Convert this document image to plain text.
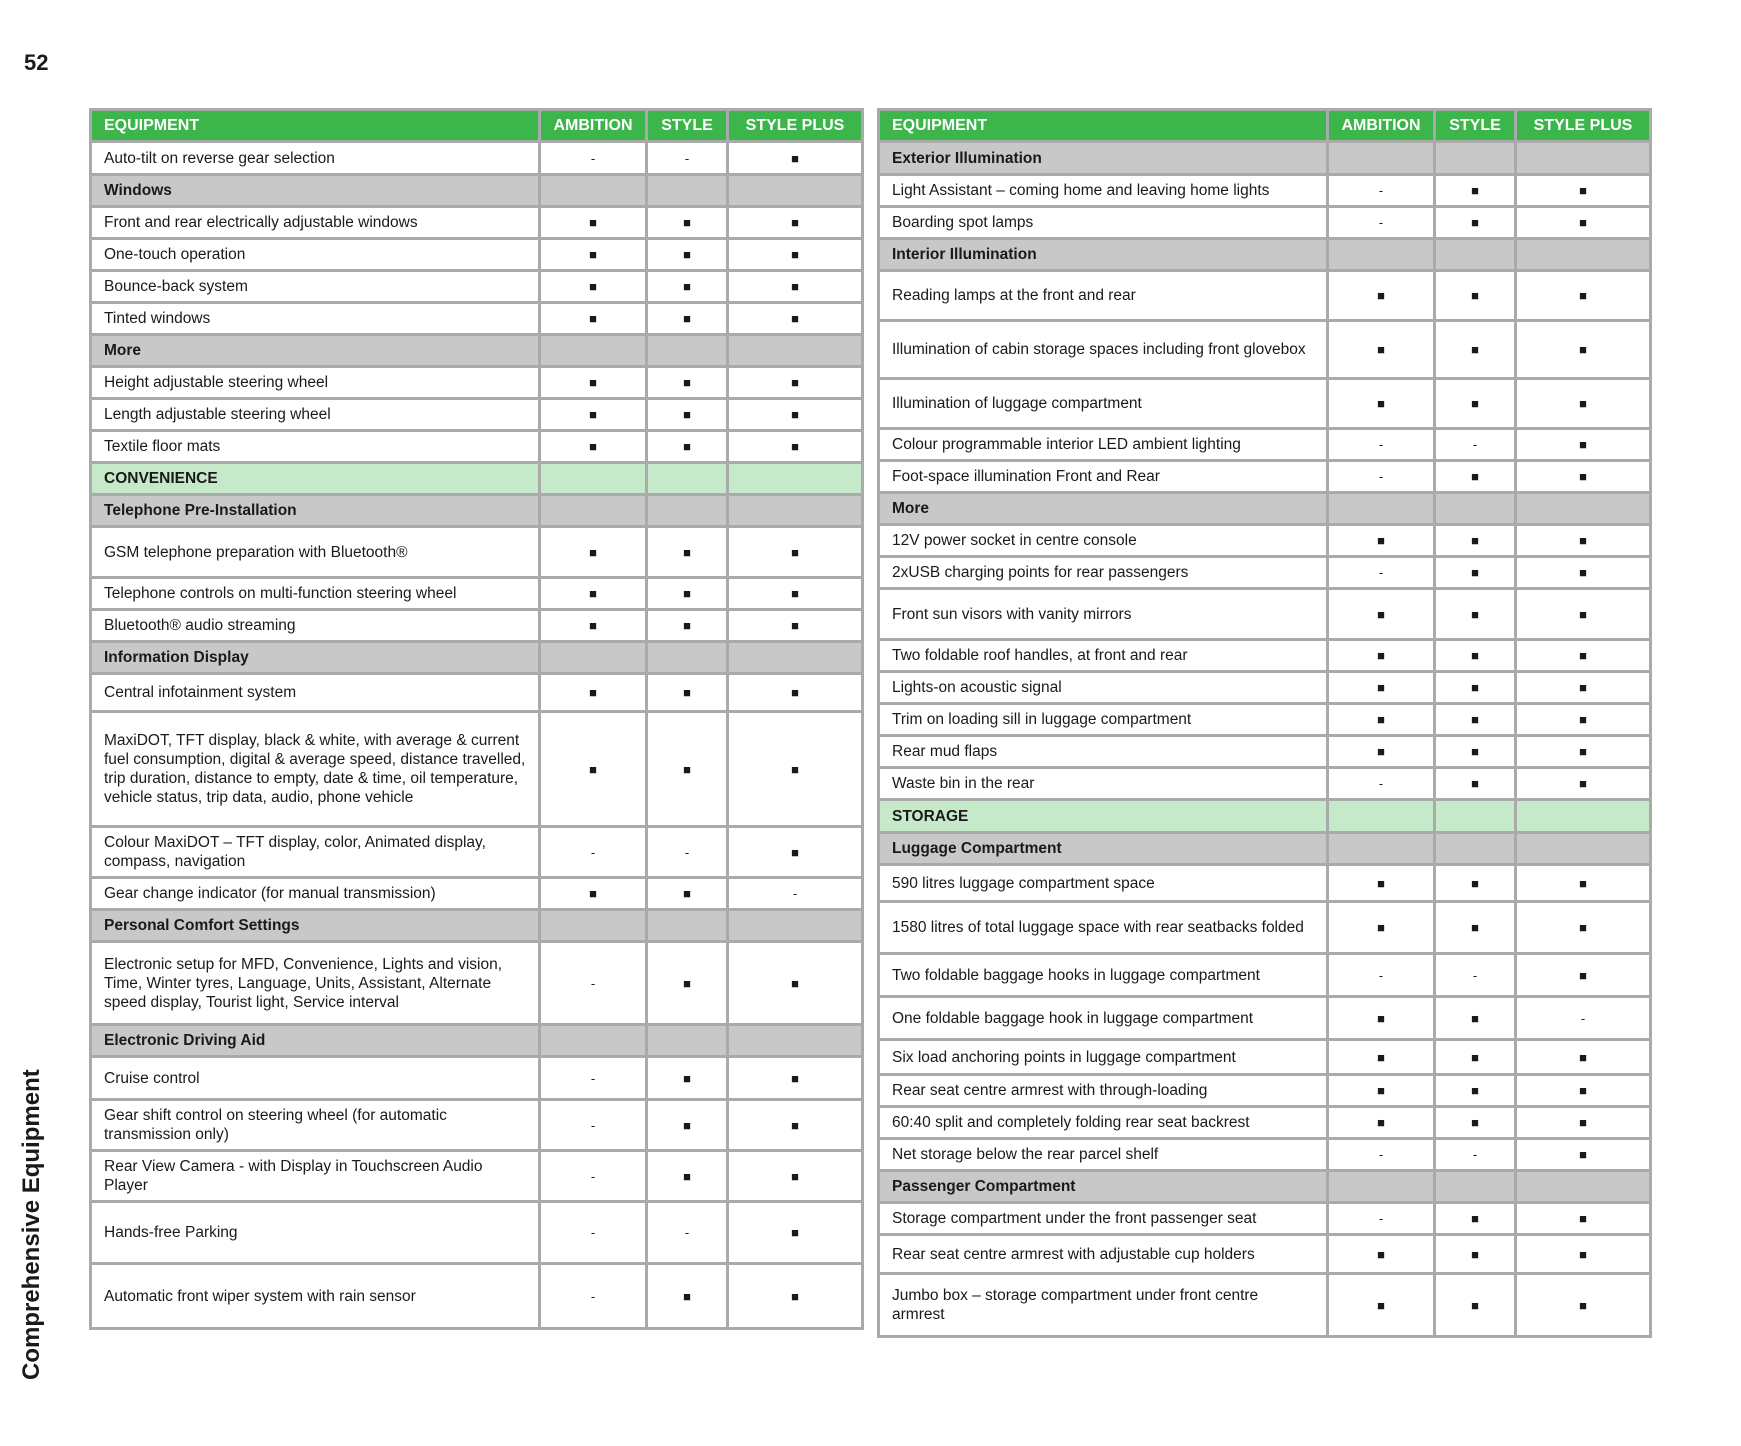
52
Comprehensive Equipment
EQUIPMENT	AMBITION	STYLE	STYLE PLUS
Auto-tilt on reverse gear selection	-	-	■
Windows			
Front and rear electrically adjustable windows	■	■	■
One-touch operation	■	■	■
Bounce-back system	■	■	■
Tinted windows	■	■	■
More			
Height adjustable steering wheel	■	■	■
Length adjustable steering wheel	■	■	■
Textile floor mats	■	■	■
CONVENIENCE			
Telephone Pre-Installation			
GSM telephone preparation with Bluetooth®	■	■	■
Telephone controls on multi-function steering wheel	■	■	■
Bluetooth® audio streaming	■	■	■
Information Display			
Central infotainment system	■	■	■
MaxiDOT, TFT display, black & white, with average & current fuel consumption, digital & average speed, distance travelled, trip duration, distance to empty, date & time, oil temperature, vehicle status, trip data, audio, phone vehicle	■	■	■
Colour MaxiDOT – TFT display, color, Animated display, compass, navigation	-	-	■
Gear change indicator (for manual transmission)	■	■	-
Personal Comfort Settings			
Electronic setup for MFD, Convenience, Lights and vision, Time, Winter tyres, Language, Units, Assistant, Alternate speed display, Tourist light, Service interval	-	■	■
Electronic Driving Aid			
Cruise control	-	■	■
Gear shift control on steering wheel (for automatic transmission only)	-	■	■
Rear View Camera - with Display in Touchscreen Audio Player	-	■	■
Hands-free Parking	-	-	■
Automatic front wiper system with rain sensor	-	■	■
EQUIPMENT	AMBITION	STYLE	STYLE PLUS
Exterior Illumination			
Light Assistant – coming home and leaving home lights	-	■	■
Boarding spot lamps	-	■	■
Interior Illumination			
Reading lamps at the front and rear	■	■	■
Illumination of cabin storage spaces including front glovebox	■	■	■
Illumination of luggage compartment	■	■	■
Colour programmable interior LED ambient lighting	-	-	■
Foot-space illumination Front and Rear	-	■	■
More			
12V power socket in centre console	■	■	■
2xUSB charging points for rear passengers	-	■	■
Front sun visors with vanity mirrors	■	■	■
Two foldable roof handles, at front and rear	■	■	■
Lights-on acoustic signal	■	■	■
Trim on loading sill in luggage compartment	■	■	■
Rear mud flaps	■	■	■
Waste bin in the rear	-	■	■
STORAGE			
Luggage Compartment			
590 litres luggage compartment space	■	■	■
1580 litres of total luggage space with rear seatbacks folded	■	■	■
Two foldable baggage hooks in luggage compartment	-	-	■
One foldable baggage hook in luggage compartment	■	■	-
Six load anchoring points in luggage compartment	■	■	■
Rear seat centre armrest with through-loading	■	■	■
60:40 split and completely folding rear seat backrest	■	■	■
Net storage below the rear parcel shelf	-	-	■
Passenger Compartment			
Storage compartment under the front passenger seat	-	■	■
Rear seat centre armrest with adjustable cup holders	■	■	■
Jumbo box – storage compartment under front centre armrest	■	■	■
